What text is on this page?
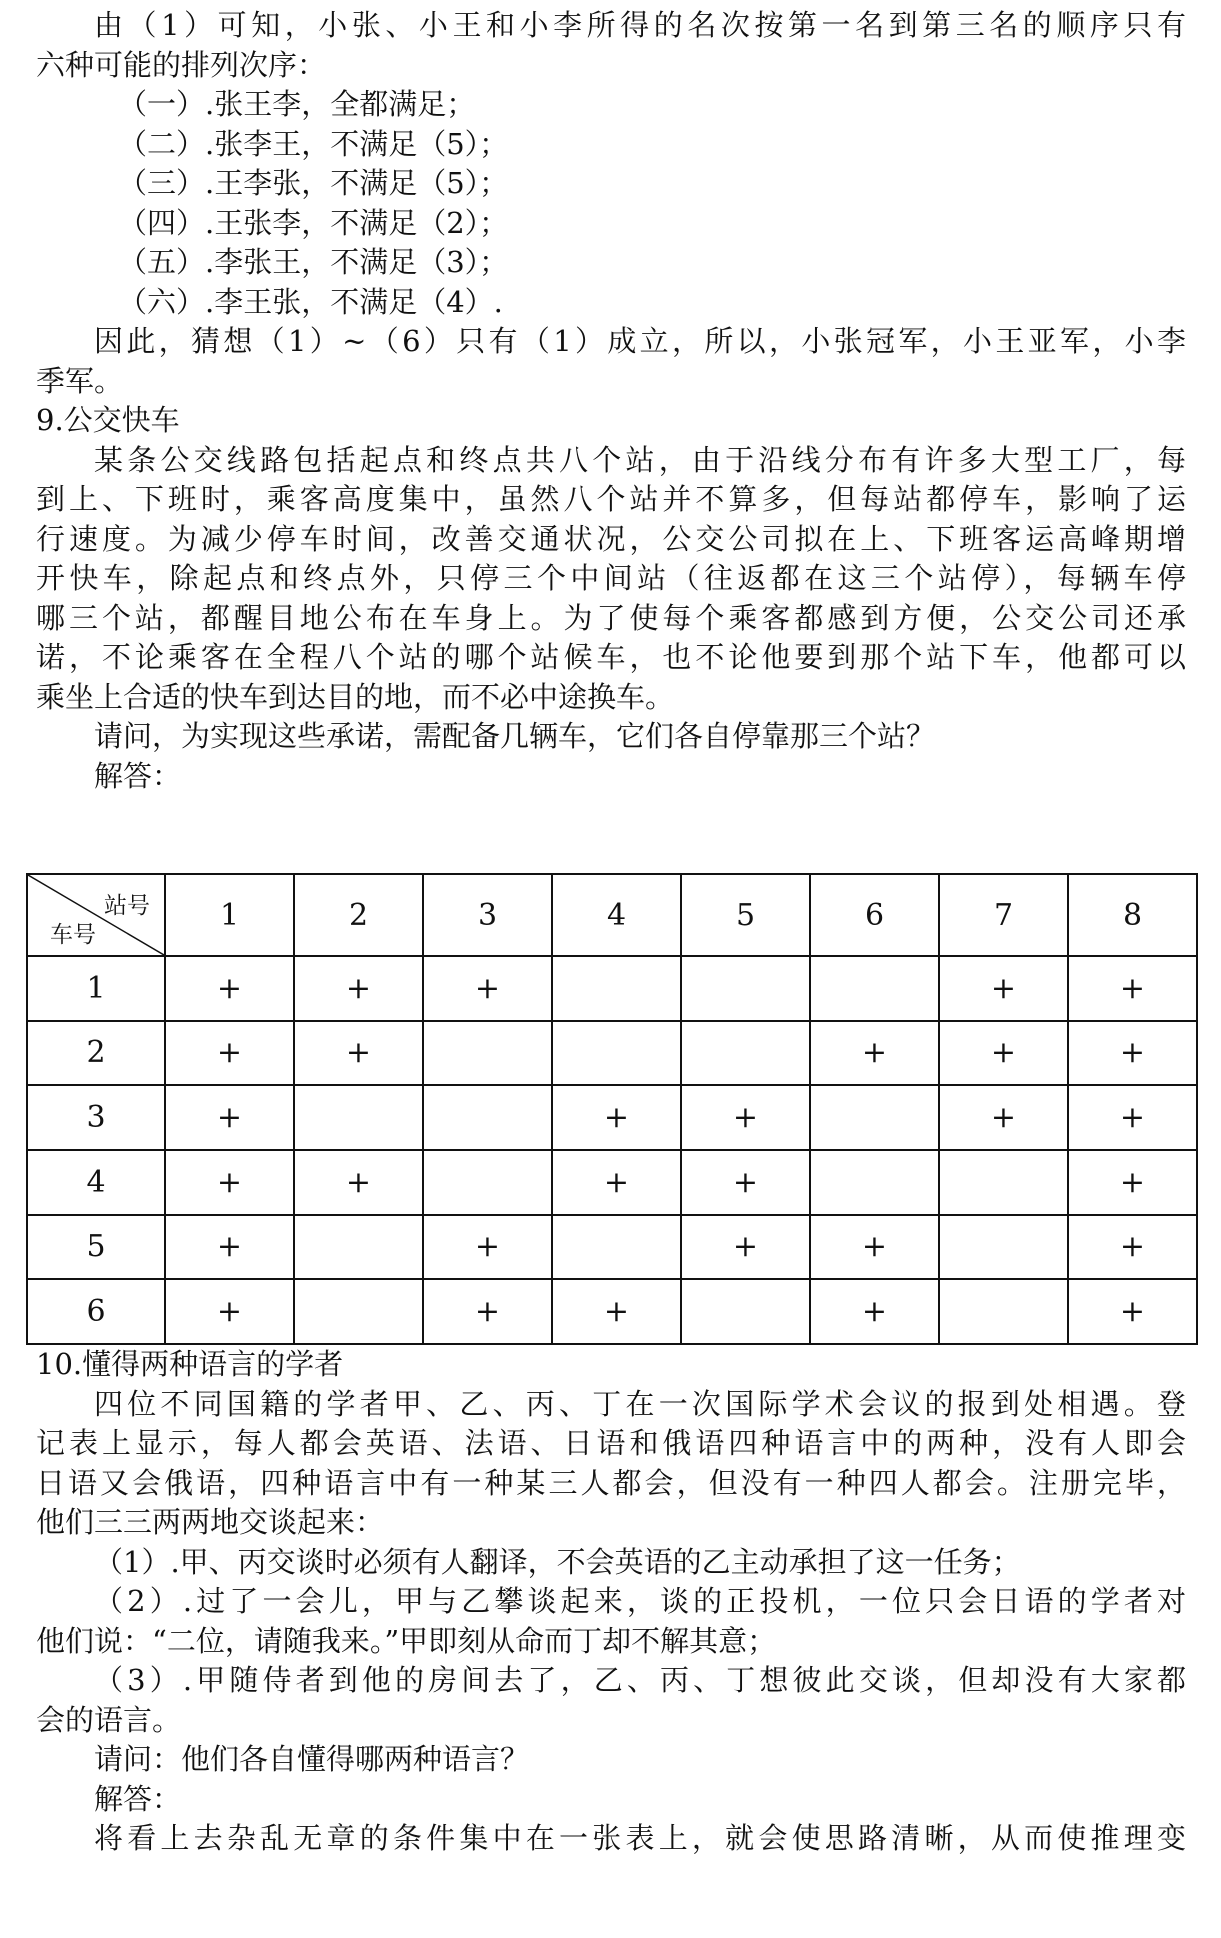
由（1）可知，小张、小王和小李所得的名次按第一名到第三名的顺序只有
六种可能的排列次序：
（一）.张王李，全都满足；
（二）.张李王，不满足（5）；
（三）.王李张，不满足（5）；
（四）.王张李，不满足（2）；
（五）.李张王，不满足（3）；
（六）.李王张，不满足（4）.
因此，猜想（1）~（6）只有（1）成立，所以，小张冠军，小王亚军，小李
季军。
9.公交快车
某条公交线路包括起点和终点共八个站，由于沿线分布有许多大型工厂，每
到上、下班时，乘客高度集中，虽然八个站并不算多，但每站都停车，影响了运
行速度。为减少停车时间，改善交通状况，公交公司拟在上、下班客运高峰期增
开快车，除起点和终点外，只停三个中间站（往返都在这三个站停），每辆车停
哪三个站，都醒目地公布在车身上。为了使每个乘客都感到方便，公交公司还承
诺，不论乘客在全程八个站的哪个站候车，也不论他要到那个站下车，他都可以
乘坐上合适的快车到达目的地，而不必中途换车。
请问，为实现这些承诺，需配备几辆车，它们各自停靠那三个站？
解答：
站号
车号	1	2	3	4	5	6	7	8
1	+	+	+				+	+
2	+	+				+	+	+
3	+			+	+		+	+
4	+	+		+	+			+
5	+		+		+	+		+
6	+		+	+		+		+
10.懂得两种语言的学者
四位不同国籍的学者甲、乙、丙、丁在一次国际学术会议的报到处相遇。登
记表上显示，每人都会英语、法语、日语和俄语四种语言中的两种，没有人即会
日语又会俄语，四种语言中有一种某三人都会，但没有一种四人都会。注册完毕，
他们三三两两地交谈起来：
（1）.甲、丙交谈时必须有人翻译，不会英语的乙主动承担了这一任务；
（2）.过了一会儿，甲与乙攀谈起来，谈的正投机，一位只会日语的学者对
他们说：“二位，请随我来。”甲即刻从命而丁却不解其意；
（3）.甲随侍者到他的房间去了，乙、丙、丁想彼此交谈，但却没有大家都
会的语言。
请问：他们各自懂得哪两种语言？
解答：
将看上去杂乱无章的条件集中在一张表上，就会使思路清晰，从而使推理变
